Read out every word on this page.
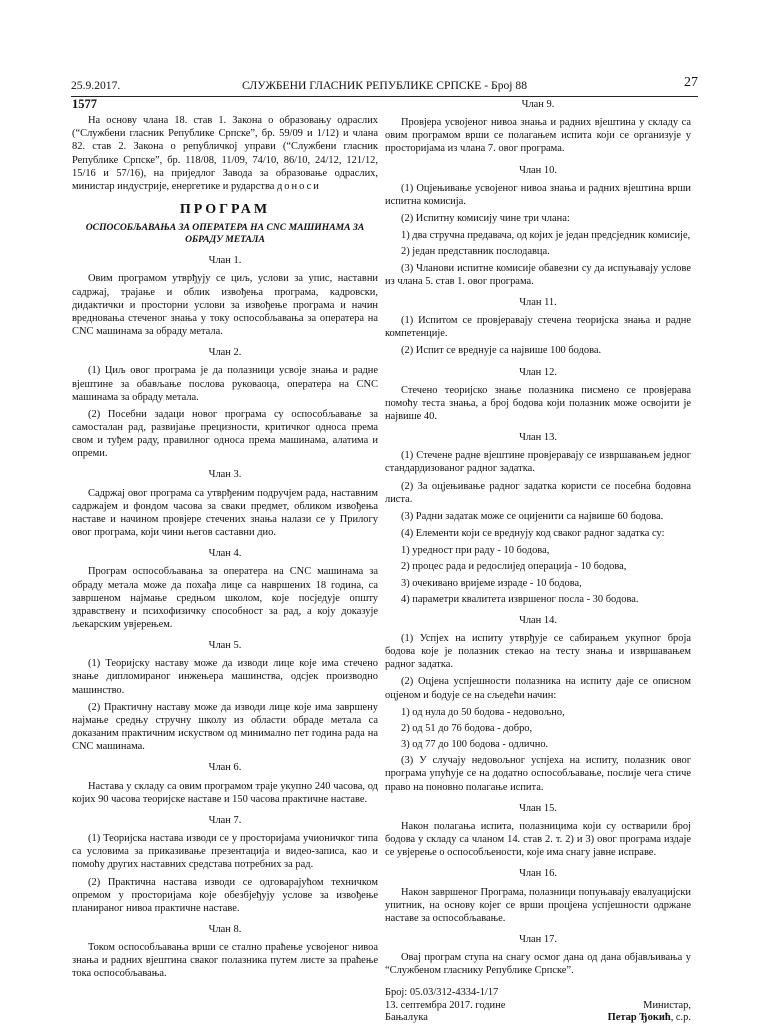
25.9.2017.	СЛУЖБЕНИ ГЛАСНИК РЕПУБЛИКЕ СРПСКЕ - Број 88	27
1577

На основу члана 18. став 1. Закона о образовању одраслих (“Службени гласник Републике Српске”, бр. 59/09 и 1/12) и члана 82. став 2. Закона о републичкој управи (“Службени гласник Републике Српске”, бр. 118/08, 11/09, 74/10, 86/10, 24/12, 121/12, 15/16 и 57/16), на приједлог Завода за образовање одраслих, министар индустрије, енергетике и рударства доноси

ПРОГРАМ
ОСПОСОБЉАВАЊА ЗА ОПЕРАТЕРА НА CNC МАШИНАМА ЗА ОБРАДУ МЕТАЛА
Члан 1.

Овим програмом утврђују се циљ, услови за упис, наставни садржај, трајање и облик извођења програма, кадровски, дидактички и просторни услови за извођење програма и начин вредновања стеченог знања у току оспособљавања за оператера на CNC машинама за обраду метала.

Члан 2.

(1) Циљ овог програма је да полазници усвоје знања и радне вјештине за обављање послова руковаоца, оператера на CNC машинама за обраду метала.

(2) Посебни задаци новог програма су оспособљавање за самосталан рад, развијање прецизности, критичког односа према свом и туђем раду, правилног односа према машинама, алатима и опреми.

Члан 3.

Садржај овог програма са утврђеним подручјем рада, наставним садржајем и фондом часова за сваки предмет, обликом извођења наставе и начином провјере стечених знања налази се у Прилогу овог програма, који чини његов саставни дио.

Члан 4.

Програм оспособљавања за оператера на CNC машинама за обраду метала може да похађа лице са навршених 18 година, са завршеном најмање средњом школом, које посједује општу здравствену и психофизичку способност за рад, а коју доказује љекарским увјерењем.

Члан 5.

(1) Теоријску наставу може да изводи лице које има стечено знање дипломираног инжењера машинства, одсјек производно машинство.

(2) Практичну наставу може да изводи лице које има завршену најмање средњу стручну школу из области обраде метала са доказаним практичним искуством од минимално пет година рада на CNC машинама.

Члан 6.

Настава у складу са овим програмом траје укупно 240 часова, од којих 90 часова теоријске наставе и 150 часова практичне наставе.

Члан 7.

(1) Теоријска настава изводи се у просторијама учионичког типа са условима за приказивање презентација и видео-записа, као и помоћу других наставних средстава потребних за рад.

(2) Практична настава изводи се одговарајућом техничком опремом у просторијама које обезбјеђују услове за извођење планираног нивоа практичне наставе.

Члан 8.

Током оспособљавања врши се стално праћење усвојеног нивоа знања и радних вјештина сваког полазника путем листе за праћење тока оспособљавања.

Члан 9.

Провјера усвојеног нивоа знања и радних вјештина у складу са овим програмом врши се полагањем испита који се организује у просторијама из члана 7. овог програма.

Члан 10.

(1) Оцјењивање усвојеног нивоа знања и радних вјештина врши испитна комисија.

(2) Испитну комисију чине три члана:

1) два стручна предавача, од којих је један предсједник комисије,

2) један представник послодавца.

(3) Чланови испитне комисије обавезни су да испуњавају услове из члана 5. став 1. овог програма.

Члан 11.

(1) Испитом се провјеравају стечена теоријска знања и радне компетенције.

(2) Испит се вреднује са највише 100 бодова.

Члан 12.

Стечено теоријско знање полазника писмено се провјерава помоћу теста знања, а број бодова који полазник може освојити је највише 40.

Члан 13.

(1) Стечене радне вјештине провјеравају се извршавањем једног стандардизованог радног задатка.

(2) За оцјењивање радног задатка користи се посебна бодовна листа.

(3) Радни задатак може се оцијенити са највише 60 бодова.

(4) Елементи који се вреднују код сваког радног задатка су:

1) уредност при раду - 10 бодова,

2) процес рада и редослијед операција - 10 бодова,

3) очекивано вријеме израде - 10 бодова,

4) параметри квалитета извршеног посла - 30 бодова.

Члан 14.

(1) Успјех на испиту утврђује се сабирањем укупног броја бодова које је полазник стекао на тесту знања и извршавањем радног задатка.

(2) Оцјена успјешности полазника на испиту даје се описном оцјеном и бодује се на сљедећи начин:

1) од нула до 50 бодова - недовољно,

2) од 51 до 76 бодова - добро,

3) од 77 до 100 бодова - одлично.

(3) У случају недовољног успјеха на испиту, полазник овог програма упућује се на додатно оспособљавање, послије чега стиче право на поновно полагање испита.

Члан 15.

Након полагања испита, полазницима који су остварили број бодова у складу са чланом 14. став 2. т. 2) и 3) овог програма издаје се увјерење о оспособљености, које има снагу јавне исправе.

Члан 16.

Након завршеног Програма, полазници попуњавају евалуацијски упитник, на основу којег се врши процјена успјешности одржане наставе за оспособљавање.

Члан 17.

Овај програм ступа на снагу осмог дана од дана објављивања у “Службеном гласнику Републике Српске”.

Број: 05.03/312-4334-1/17
13. септембра 2017. године	Министар,
Бањалука	Петар Ђокић, с.р.
